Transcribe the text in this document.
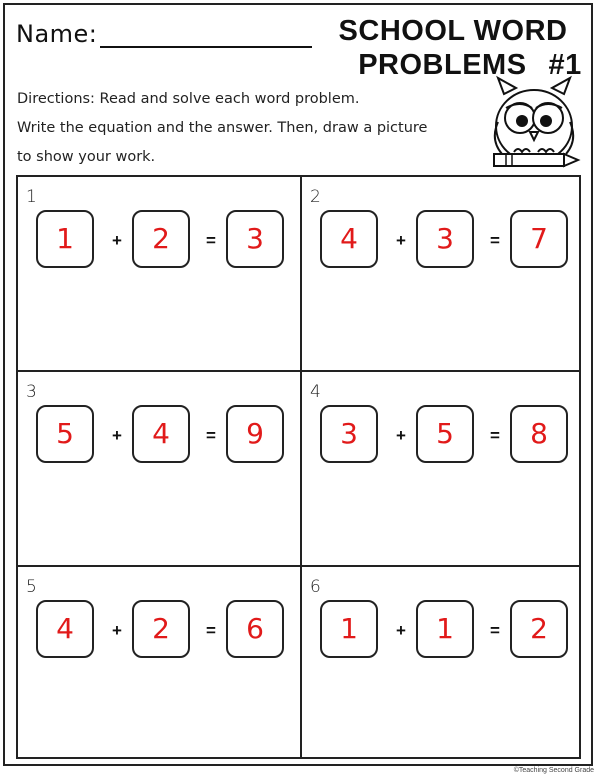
Name:	SCHOOL WORD
PROBLEMS #1
Directions: Read and solve each word problem.
Write the equation and the answer. Then, draw a picture
to show your work.
1
1	+	2	=	3
2
4	+	3	=	7
3
5	+	4	=	9
4
3	+	5	=	8
5
4	+	2	=	6
6
1	+	1	=	2
©Teaching Second Grade
